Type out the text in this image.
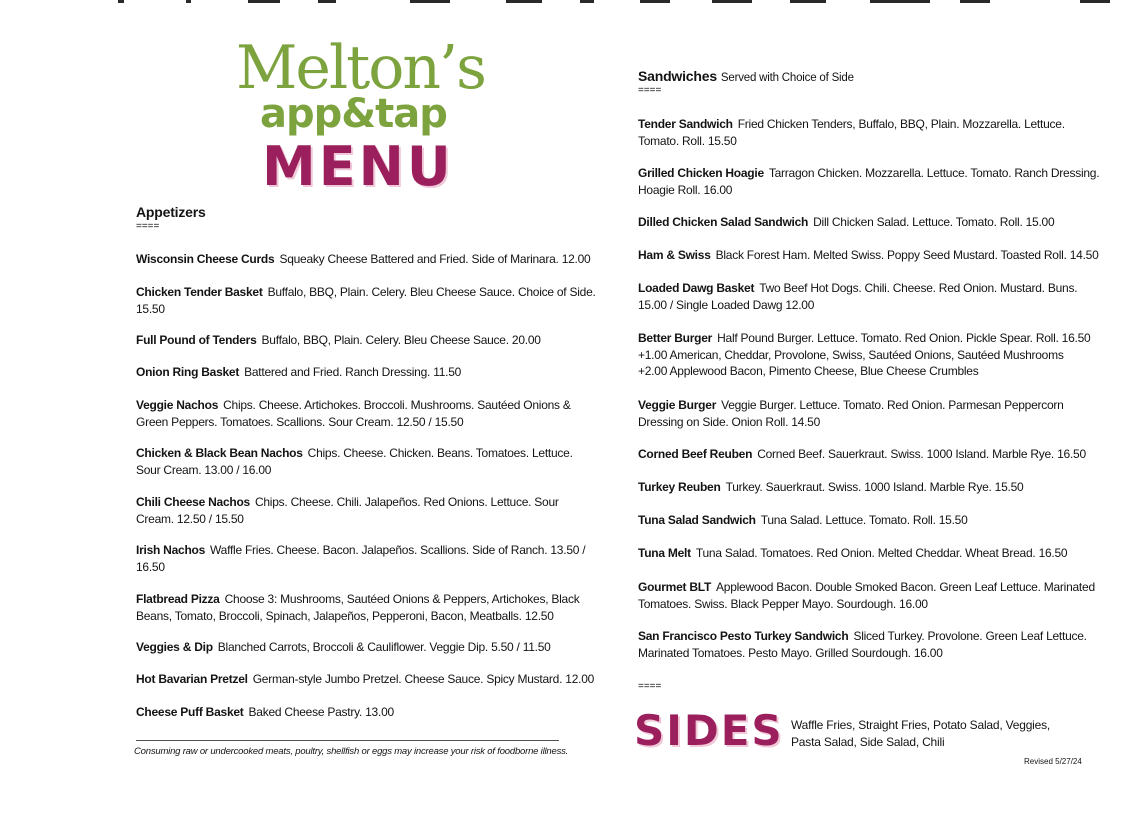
Melton’s
app&tap
MENU
Appetizers
====
Wisconsin Cheese Curds Squeaky Cheese Battered and Fried. Side of Marinara. 12.00
Chicken Tender Basket Buffalo, BBQ, Plain. Celery. Bleu Cheese Sauce. Choice of Side. 15.50
Full Pound of Tenders Buffalo, BBQ, Plain. Celery. Bleu Cheese Sauce. 20.00
Onion Ring Basket Battered and Fried. Ranch Dressing. 11.50
Veggie Nachos Chips. Cheese. Artichokes. Broccoli. Mushrooms. Sautéed Onions & Green Peppers. Tomatoes. Scallions. Sour Cream. 12.50 / 15.50
Chicken & Black Bean Nachos Chips. Cheese. Chicken. Beans. Tomatoes. Lettuce. Sour Cream. 13.00 / 16.00
Chili Cheese Nachos Chips. Cheese. Chili. Jalapeños. Red Onions. Lettuce. Sour Cream. 12.50 / 15.50
Irish Nachos Waffle Fries. Cheese. Bacon. Jalapeños. Scallions. Side of Ranch. 13.50 / 16.50
Flatbread Pizza Choose 3: Mushrooms, Sautéed Onions & Peppers, Artichokes, Black Beans, Tomato, Broccoli, Spinach, Jalapeños, Pepperoni, Bacon, Meatballs. 12.50
Veggies & Dip Blanched Carrots, Broccoli & Cauliflower. Veggie Dip. 5.50 / 11.50
Hot Bavarian Pretzel German-style Jumbo Pretzel. Cheese Sauce. Spicy Mustard. 12.00
Cheese Puff Basket Baked Cheese Pastry. 13.00
Consuming raw or undercooked meats, poultry, shellfish or eggs may increase your risk of foodborne illness.
Sandwiches Served with Choice of Side
====
Tender Sandwich Fried Chicken Tenders, Buffalo, BBQ, Plain. Mozzarella. Lettuce. Tomato. Roll. 15.50
Grilled Chicken Hoagie Tarragon Chicken. Mozzarella. Lettuce. Tomato. Ranch Dressing. Hoagie Roll. 16.00
Dilled Chicken Salad Sandwich Dill Chicken Salad. Lettuce. Tomato. Roll. 15.00
Ham & Swiss Black Forest Ham. Melted Swiss. Poppy Seed Mustard. Toasted Roll. 14.50
Loaded Dawg Basket Two Beef Hot Dogs. Chili. Cheese. Red Onion. Mustard. Buns. 15.00 / Single Loaded Dawg 12.00
Better Burger Half Pound Burger. Lettuce. Tomato. Red Onion. Pickle Spear. Roll. 16.50
+1.00 American, Cheddar, Provolone, Swiss, Sautéed Onions, Sautéed Mushrooms
+2.00 Applewood Bacon, Pimento Cheese, Blue Cheese Crumbles
Veggie Burger Veggie Burger. Lettuce. Tomato. Red Onion. Parmesan Peppercorn Dressing on Side. Onion Roll. 14.50
Corned Beef Reuben Corned Beef. Sauerkraut. Swiss. 1000 Island. Marble Rye. 16.50
Turkey Reuben Turkey. Sauerkraut. Swiss. 1000 Island. Marble Rye. 15.50
Tuna Salad Sandwich Tuna Salad. Lettuce. Tomato. Roll. 15.50
Tuna Melt Tuna Salad. Tomatoes. Red Onion. Melted Cheddar. Wheat Bread. 16.50
Gourmet BLT Applewood Bacon. Double Smoked Bacon. Green Leaf Lettuce. Marinated Tomatoes. Swiss. Black Pepper Mayo. Sourdough. 16.00
San Francisco Pesto Turkey Sandwich Sliced Turkey. Provolone. Green Leaf Lettuce. Marinated Tomatoes. Pesto Mayo. Grilled Sourdough. 16.00
====
SIDES Waffle Fries, Straight Fries, Potato Salad, Veggies, Pasta Salad, Side Salad, Chili
Revised 5/27/24
